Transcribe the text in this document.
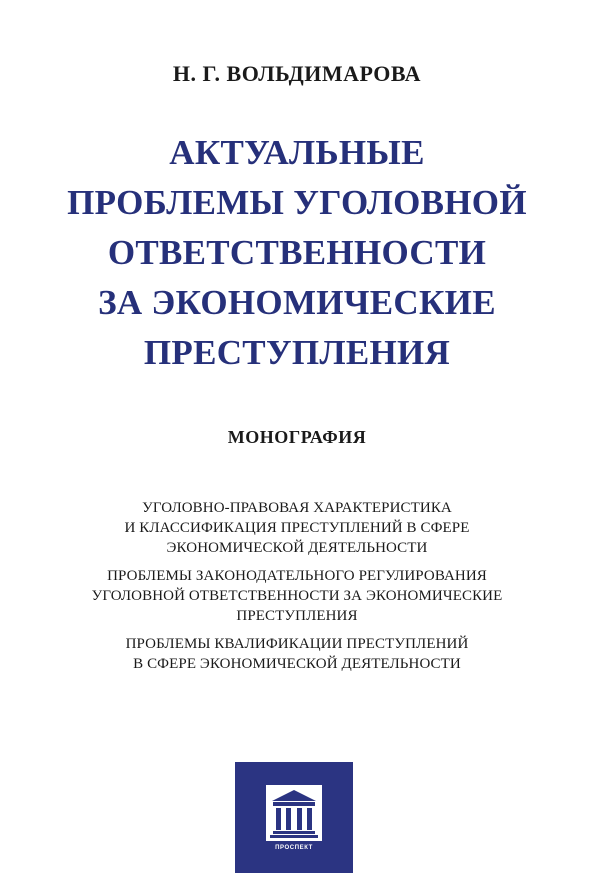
Н. Г. ВОЛЬДИМАРОВА
АКТУАЛЬНЫЕ
ПРОБЛЕМЫ УГОЛОВНОЙ
ОТВЕТСТВЕННОСТИ
ЗА ЭКОНОМИЧЕСКИЕ
ПРЕСТУПЛЕНИЯ
МОНОГРАФИЯ
УГОЛОВНО-ПРАВОВАЯ ХАРАКТЕРИСТИКА
И КЛАССИФИКАЦИЯ ПРЕСТУПЛЕНИЙ В СФЕРЕ
ЭКОНОМИЧЕСКОЙ ДЕЯТЕЛЬНОСТИ
ПРОБЛЕМЫ ЗАКОНОДАТЕЛЬНОГО РЕГУЛИРОВАНИЯ
УГОЛОВНОЙ ОТВЕТСТВЕННОСТИ ЗА ЭКОНОМИЧЕСКИЕ
ПРЕСТУПЛЕНИЯ
ПРОБЛЕМЫ КВАЛИФИКАЦИИ ПРЕСТУПЛЕНИЙ
В СФЕРЕ ЭКОНОМИЧЕСКОЙ ДЕЯТЕЛЬНОСТИ
ПРОСПЕКТ
